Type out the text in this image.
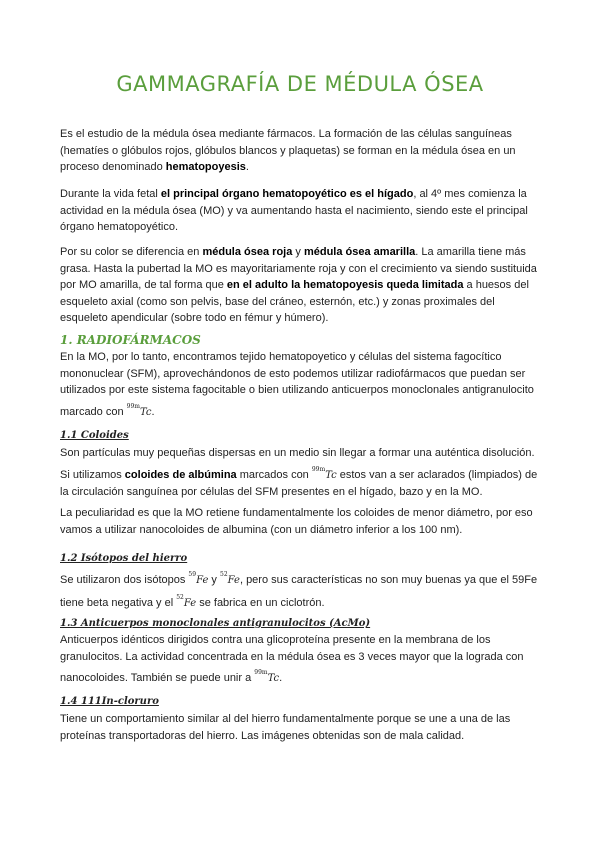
GAMMAGRAFÍA DE MÉDULA ÓSEA

Es el estudio de la médula ósea mediante fármacos. La formación de las células sanguíneas (hematíes o glóbulos rojos, glóbulos blancos y plaquetas) se forman en la médula ósea en un proceso denominado hematopoyesis.

Durante la vida fetal el principal órgano hematopoyético es el hígado, al 4º mes comienza la actividad en la médula ósea (MO) y va aumentando hasta el nacimiento, siendo este el principal órgano hematopoyético.

Por su color se diferencia en médula ósea roja y médula ósea amarilla. La amarilla tiene más grasa. Hasta la pubertad la MO es mayoritariamente roja y con el crecimiento va siendo sustituida por MO amarilla, de tal forma que en el adulto la hematopoyesis queda limitada a huesos del esqueleto axial (como son pelvis, base del cráneo, esternón, etc.) y zonas proximales del esqueleto apendicular (sobre todo en fémur y húmero).

1. RADIOFÁRMACOS

En la MO, por lo tanto, encontramos tejido hematopoyetico y células del sistema fagocítico mononuclear (SFM), aprovechándonos de esto podemos utilizar radiofármacos que puedan ser utilizados por este sistema fagocitable o bien utilizando anticuerpos monoclonales antigranulocito marcado con $^{99m}$Tc.

1.1 Coloides

Son partículas muy pequeñas dispersas en un medio sin llegar a formar una auténtica disolución. Si utilizamos coloides de albúmina marcados con $^{99m}$Tc estos van a ser aclarados (limpiados) de la circulación sanguínea por células del SFM presentes en el hígado, bazo y en la MO.

La peculiaridad es que la MO retiene fundamentalmente los coloides de menor diámetro, por eso vamos a utilizar nanocoloides de albumina (con un diámetro inferior a los 100 nm).

1.2 Isótopos del hierro

Se utilizaron dos isótopos $^{59}$Fe y $^{52}$Fe, pero sus características no son muy buenas ya que el 59Fe tiene beta negativa y el $^{52}$Fe se fabrica en un ciclotrón.

1.3 Anticuerpos monoclonales antigranulocitos (AcMo)

Anticuerpos idénticos dirigidos contra una glicoproteína presente en la membrana de los granulocitos. La actividad concentrada en la médula ósea es 3 veces mayor que la lograda con nanocoloides. También se puede unir a $^{99m}$Tc.

1.4 111In-cloruro

Tiene un comportamiento similar al del hierro fundamentalmente porque se une a una de las proteínas transportadoras del hierro. Las imágenes obtenidas son de mala calidad.
